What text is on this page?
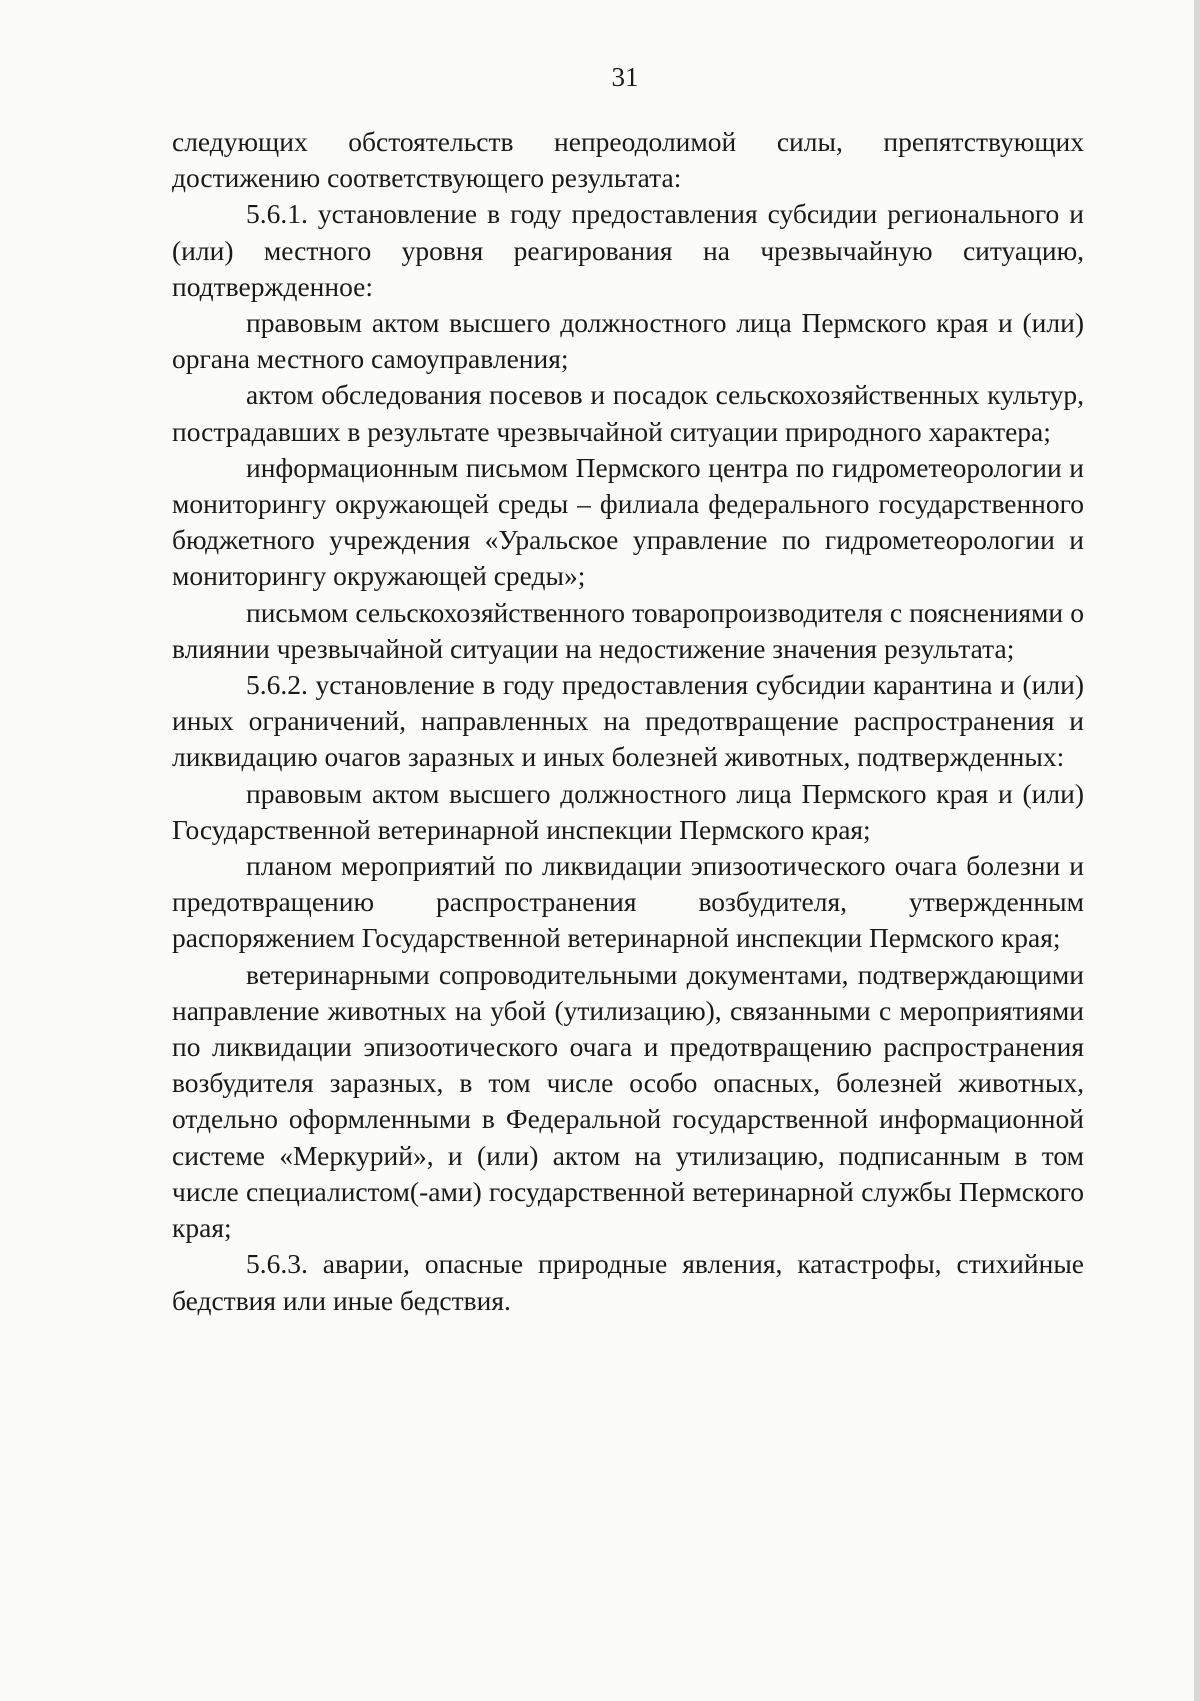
31

следующих обстоятельств непреодолимой силы, препятствующих достижению соответствующего результата:

5.6.1. установление в году предоставления субсидии регионального и (или) местного уровня реагирования на чрезвычайную ситуацию, подтвержденное:

правовым актом высшего должностного лица Пермского края и (или) органа местного самоуправления;

актом обследования посевов и посадок сельскохозяйственных культур, пострадавших в результате чрезвычайной ситуации природного характера;

информационным письмом Пермского центра по гидрометеорологии и мониторингу окружающей среды – филиала федерального государственного бюджетного учреждения «Уральское управление по гидрометеорологии и мониторингу окружающей среды»;

письмом сельскохозяйственного товаропроизводителя с пояснениями о влиянии чрезвычайной ситуации на недостижение значения результата;

5.6.2. установление в году предоставления субсидии карантина и (или) иных ограничений, направленных на предотвращение распространения и ликвидацию очагов заразных и иных болезней животных, подтвержденных:

правовым актом высшего должностного лица Пермского края и (или) Государственной ветеринарной инспекции Пермского края;

планом мероприятий по ликвидации эпизоотического очага болезни и предотвращению распространения возбудителя, утвержденным распоряжением Государственной ветеринарной инспекции Пермского края;

ветеринарными сопроводительными документами, подтверждающими направление животных на убой (утилизацию), связанными с мероприятиями по ликвидации эпизоотического очага и предотвращению распространения возбудителя заразных, в том числе особо опасных, болезней животных, отдельно оформленными в Федеральной государственной информационной системе «Меркурий», и (или) актом на утилизацию, подписанным в том числе специалистом(-ами) государственной ветеринарной службы Пермского края;

5.6.3. аварии, опасные природные явления, катастрофы, стихийные бедствия или иные бедствия.
